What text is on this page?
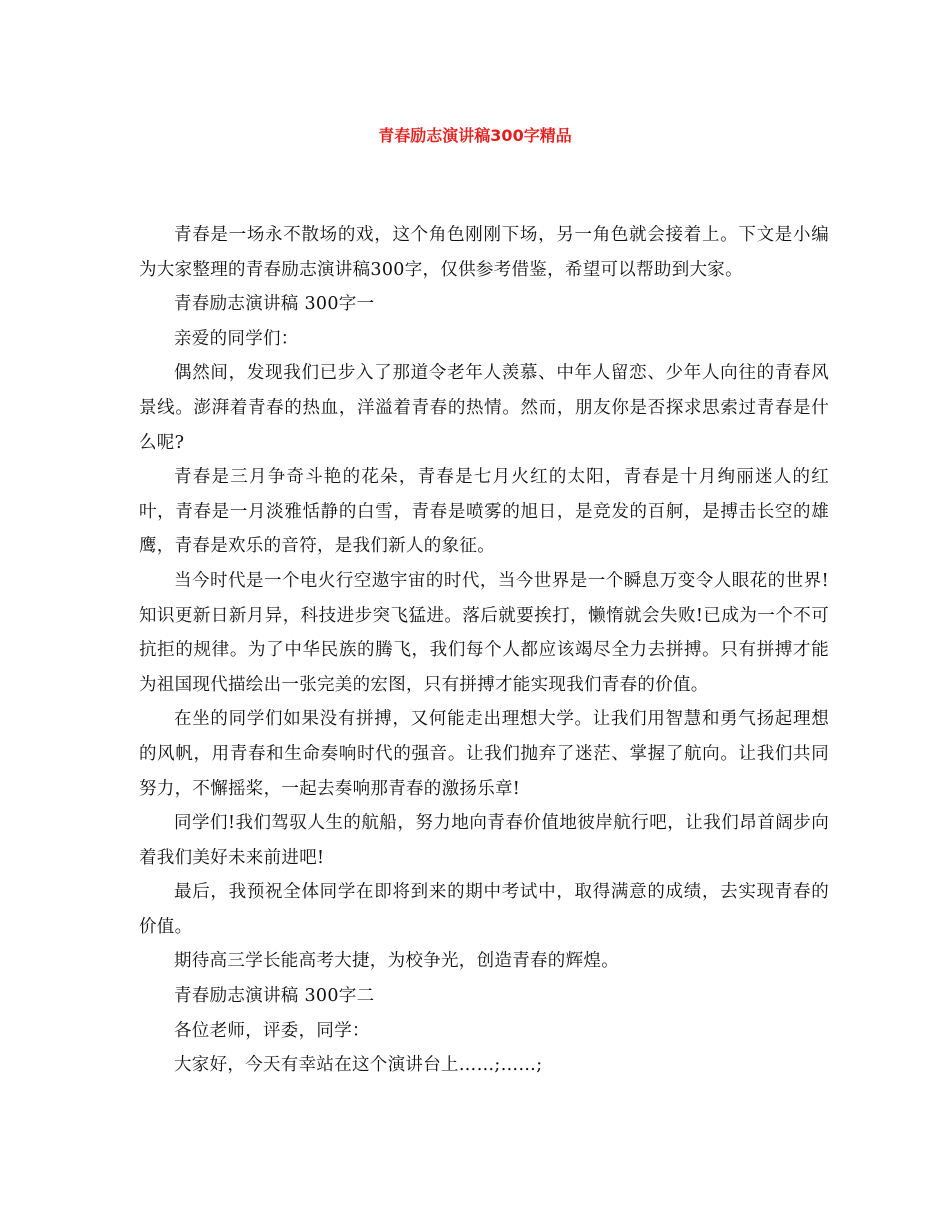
青春励志演讲稿300字精品

青春是一场永不散场的戏，这个角色刚刚下场，另一角色就会接着上。下文是小编为大家整理的青春励志演讲稿300字，仅供参考借鉴，希望可以帮助到大家。

青春励志演讲稿 300字一

亲爱的同学们：

偶然间，发现我们已步入了那道令老年人羡慕、中年人留恋、少年人向往的青春风景线。澎湃着青春的热血，洋溢着青春的热情。然而，朋友你是否探求思索过青春是什么呢?

青春是三月争奇斗艳的花朵，青春是七月火红的太阳，青春是十月绚丽迷人的红叶，青春是一月淡雅恬静的白雪，青春是喷雾的旭日，是竞发的百舸，是搏击长空的雄鹰，青春是欢乐的音符，是我们新人的象征。

当今时代是一个电火行空遨宇宙的时代，当今世界是一个瞬息万变令人眼花的世界!知识更新日新月异，科技进步突飞猛进。落后就要挨打，懒惰就会失败!已成为一个不可抗拒的规律。为了中华民族的腾飞，我们每个人都应该竭尽全力去拼搏。只有拼搏才能为祖国现代描绘出一张完美的宏图，只有拼搏才能实现我们青春的价值。

在坐的同学们如果没有拼搏，又何能走出理想大学。让我们用智慧和勇气扬起理想的风帆，用青春和生命奏响时代的强音。让我们抛弃了迷茫、掌握了航向。让我们共同努力，不懈摇桨，一起去奏响那青春的激扬乐章!

同学们!我们驾驭人生的航船，努力地向青春价值地彼岸航行吧，让我们昂首阔步向着我们美好未来前进吧!

最后，我预祝全体同学在即将到来的期中考试中，取得满意的成绩，去实现青春的价值。

期待高三学长能高考大捷，为校争光，创造青春的辉煌。

青春励志演讲稿 300字二

各位老师，评委，同学：

大家好，今天有幸站在这个演讲台上……;……;
